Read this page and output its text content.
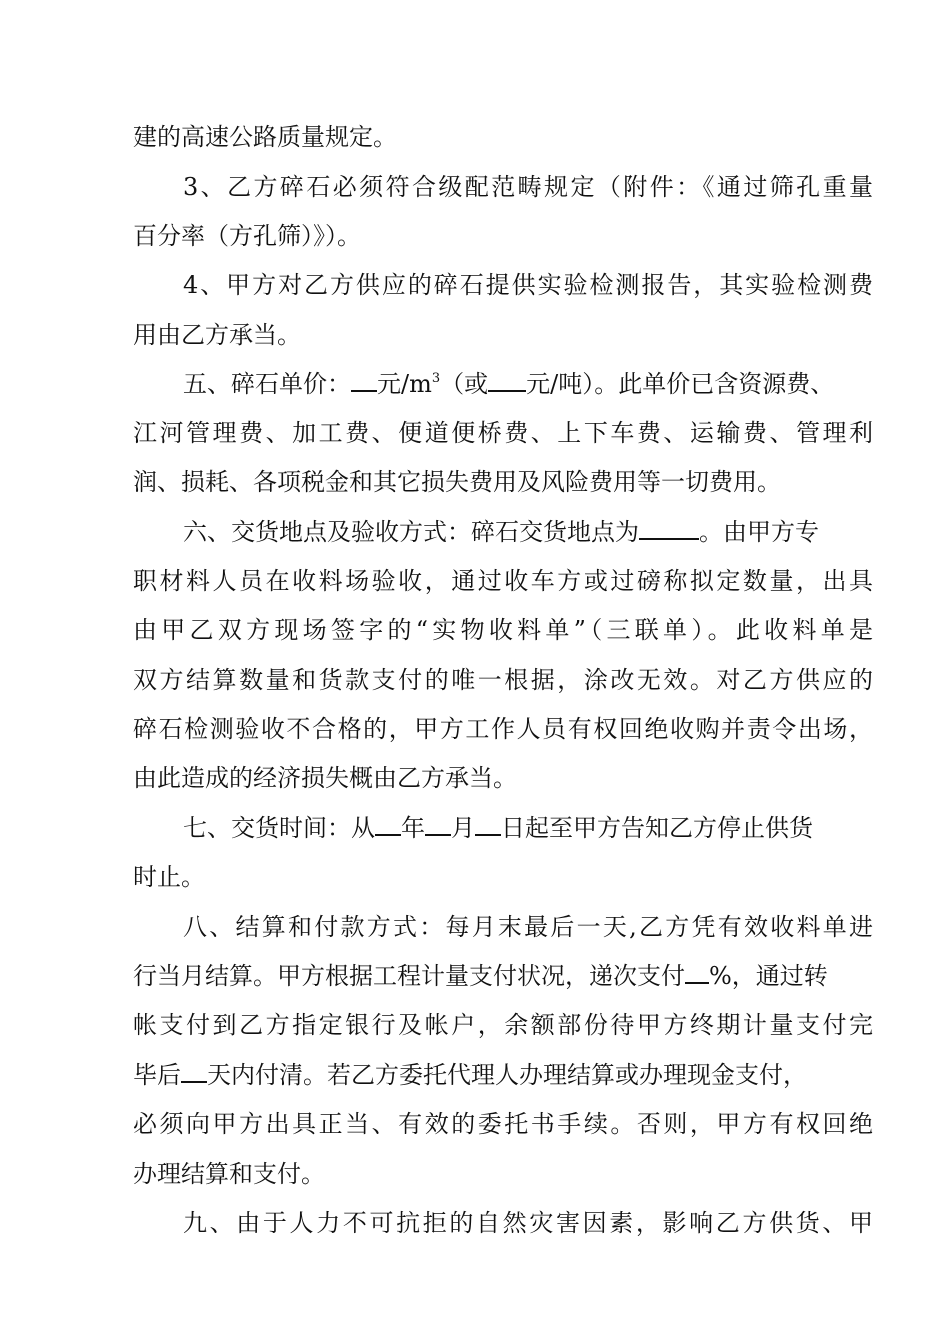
建的高速公路质量规定。
3、乙方碎石必须符合级配范畴规定（附件：《通过筛孔重量
百分率（方孔筛）》）。
4、甲方对乙方供应的碎石提供实验检测报告，其实验检测费
用由乙方承当。
五、碎石单价： 元$/m^3$（或 元/吨）。此单价已含资源费、
江河管理费、加工费、便道便桥费、上下车费、运输费、管理利
润、损耗、各项税金和其它损失费用及风险费用等一切费用。
六、交货地点及验收方式：碎石交货地点为	。由甲方专
职材料人员在收料场验收，通过收车方或过磅称拟定数量，出具
由甲乙双方现场签字的“实物收料单”（三联单）。此收料单是
双方结算数量和货款支付的唯一根据，涂改无效。对乙方供应的
碎石检测验收不合格的，甲方工作人员有权回绝收购并责令出场，
由此造成的经济损失概由乙方承当。
七、交货时间：从 年 月 日起至甲方告知乙方停止供货
时止。
八、结算和付款方式：每月末最后一天,乙方凭有效收料单进
行当月结算。甲方根据工程计量支付状况，递次支付 %，通过转
帐支付到乙方指定银行及帐户，余额部份待甲方终期计量支付完
毕后 天内付清。若乙方委托代理人办理结算或办理现金支付，
必须向甲方出具正当、有效的委托书手续。否则，甲方有权回绝
办理结算和支付。
九、由于人力不可抗拒的自然灾害因素，影响乙方供货、甲
